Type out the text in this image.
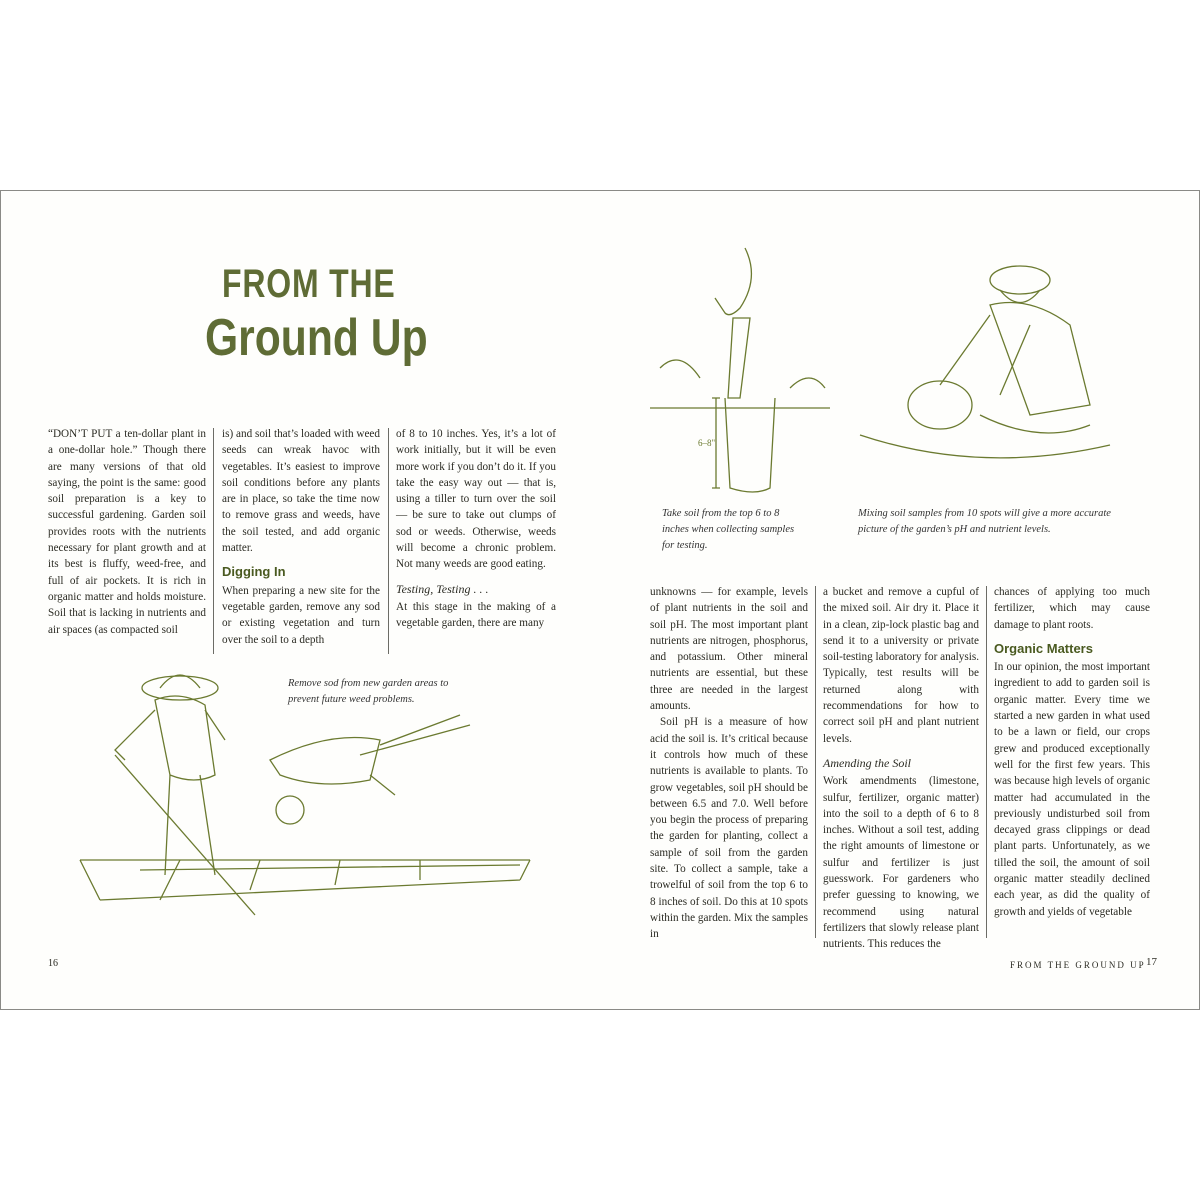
FROM THE
Ground Up

“DON’T PUT a ten-dollar plant in a one-dollar hole.” Though there are many versions of that old saying, the point is the same: good soil preparation is a key to successful gardening. Garden soil provides roots with the nutrients necessary for plant growth and at its best is fluffy, weed-free, and full of air pockets. It is rich in organic matter and holds moisture. Soil that is lacking in nutrients and air spaces (as compacted soil

is) and soil that’s loaded with weed seeds can wreak havoc with vegetables. It’s easiest to improve soil conditions before any plants are in place, so take the time now to remove grass and weeds, have the soil tested, and add organic matter.

Digging In

When preparing a new site for the vegetable garden, remove any sod or existing vegetation and turn over the soil to a depth

of 8 to 10 inches. Yes, it’s a lot of work initially, but it will be even more work if you don’t do it. If you take the easy way out — that is, using a tiller to turn over the soil — be sure to take out clumps of sod or weeds. Otherwise, weeds will become a chronic problem. Not many weeds are good eating.

Testing, Testing . . .

At this stage in the making of a vegetable garden, there are many

Remove sod from new garden areas to prevent future weed problems.
16
6–8"
Take soil from the top 6 to 8 inches when collecting samples for testing.
Mixing soil samples from 10 spots will give a more accurate picture of the garden’s pH and nutrient levels.

unknowns — for example, levels of plant nutrients in the soil and soil pH. The most important plant nutrients are nitrogen, phosphorus, and potassium. Other mineral nutrients are essential, but these three are needed in the largest amounts.

Soil pH is a measure of how acid the soil is. It’s critical because it controls how much of these nutrients is available to plants. To grow vegetables, soil pH should be between 6.5 and 7.0. Well before you begin the process of preparing the garden for planting, collect a sample of soil from the garden site. To collect a sample, take a trowelful of soil from the top 6 to 8 inches of soil. Do this at 10 spots within the garden. Mix the samples in

a bucket and remove a cupful of the mixed soil. Air dry it. Place it in a clean, zip-lock plastic bag and send it to a university or private soil-testing laboratory for analysis. Typically, test results will be returned along with recommendations for how to correct soil pH and plant nutrient levels.

Amending the Soil

Work amendments (limestone, sulfur, fertilizer, organic matter) into the soil to a depth of 6 to 8 inches. Without a soil test, adding the right amounts of limestone or sulfur and fertilizer is just guesswork. For gardeners who prefer guessing to knowing, we recommend using natural fertilizers that slowly release plant nutrients. This reduces the

chances of applying too much fertilizer, which may cause damage to plant roots.

Organic Matters

In our opinion, the most important ingredient to add to garden soil is organic matter. Every time we started a new garden in what used to be a lawn or field, our crops grew and produced exceptionally well for the first few years. This was because high levels of organic matter had accumulated in the previously undisturbed soil from decayed grass clippings or dead plant parts. Unfortunately, as we tilled the soil, the amount of soil organic matter steadily declined each year, as did the quality of growth and yields of vegetable

FROM THE GROUND UP 17
